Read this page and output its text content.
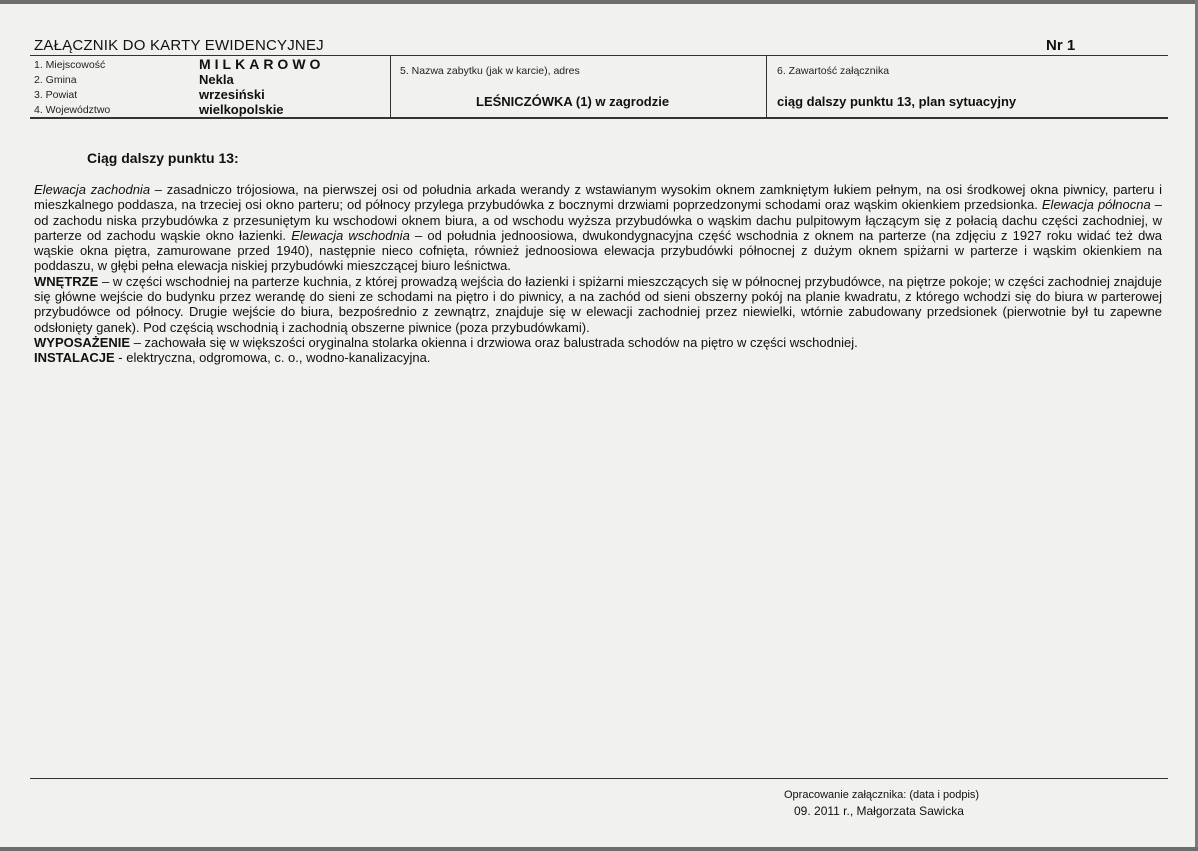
ZAŁĄCZNIK DO KARTY EWIDENCYJNEJ	Nr 1
1. Miejscowość	MILKAROWO
2. Gmina	Nekla
3. Powiat	wrzesiński
4. Województwo	wielkopolskie
5. Nazwa zabytku (jak w karcie), adres
LEŚNICZÓWKA (1) w zagrodzie
6. Zawartość załącznika
ciąg dalszy punktu 13, plan sytuacyjny
Ciąg dalszy punktu 13:

Elewacja zachodnia – zasadniczo trójosiowa, na pierwszej osi od południa arkada werandy z wstawianym wysokim oknem zamkniętym łukiem pełnym, na osi środkowej okna piwnicy, parteru i mieszkalnego poddasza, na trzeciej osi okno parteru; od północy przylega przybudówka z bocznymi drzwiami poprzedzonymi schodami oraz wąskim okienkiem przedsionka. Elewacja północna – od zachodu niska przybudówka z przesuniętym ku wschodowi oknem biura, a od wschodu wyższa przybudówka o wąskim dachu pulpitowym łączącym się z połacią dachu części zachodniej, w parterze od zachodu wąskie okno łazienki. Elewacja wschodnia – od południa jednoosiowa, dwukondygnacyjna część wschodnia z oknem na parterze (na zdjęciu z 1927 roku widać też dwa wąskie okna piętra, zamurowane przed 1940), następnie nieco cofnięta, również jednoosiowa elewacja przybudówki północnej z dużym oknem spiżarni w parterze i wąskim okienkiem na poddaszu, w głębi pełna elewacja niskiej przybudówki mieszczącej biuro leśnictwa.

WNĘTRZE – w części wschodniej na parterze kuchnia, z której prowadzą wejścia do łazienki i spiżarni mieszczących się w północnej przybudówce, na piętrze pokoje; w części zachodniej znajduje się główne wejście do budynku przez werandę do sieni ze schodami na piętro i do piwnicy, a na zachód od sieni obszerny pokój na planie kwadratu, z którego wchodzi się do biura w parterowej przybudówce od północy. Drugie wejście do biura, bezpośrednio z zewnątrz, znajduje się w elewacji zachodniej przez niewielki, wtórnie zabudowany przedsionek (pierwotnie był tu zapewne odsłonięty ganek). Pod częścią wschodnią i zachodnią obszerne piwnice (poza przybudówkami).

WYPOSAŻENIE – zachowała się w większości oryginalna stolarka okienna i drzwiowa oraz balustrada schodów na piętro w części wschodniej.

INSTALACJE - elektryczna, odgromowa, c. o., wodno-kanalizacyjna.

Opracowanie załącznika: (data i podpis)
09. 2011 r., Małgorzata Sawicka
